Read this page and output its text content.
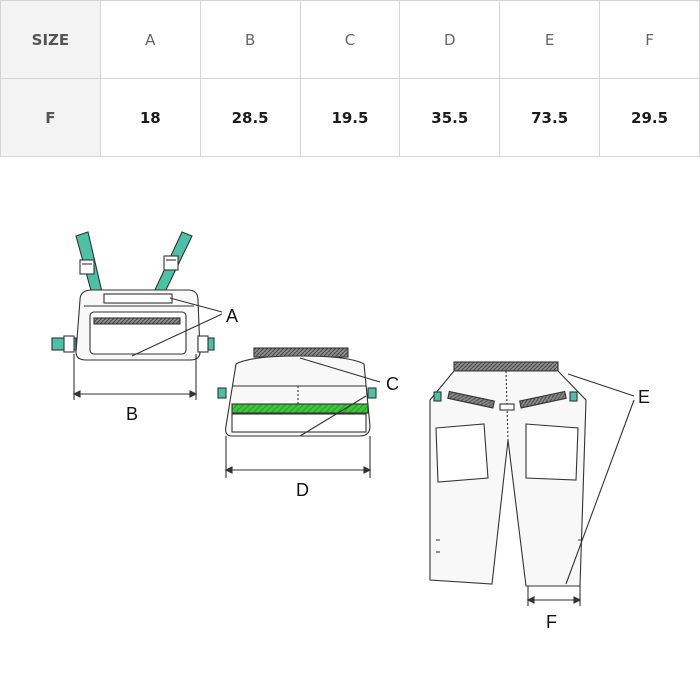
SIZE	A	B	C	D	E	F
F	18	28.5	19.5	35.5	73.5	29.5
A
B
C
D
E
F
